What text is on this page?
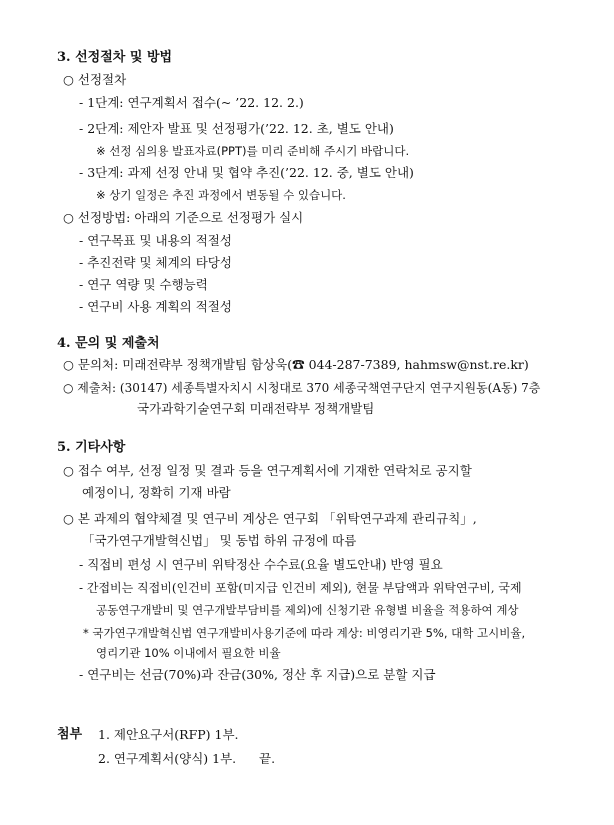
3. 선정절차 및 방법
○ 선정절차
- 1단계: 연구계획서 접수(~ ’22. 12. 2.)
- 2단계: 제안자 발표 및 선정평가(’22. 12. 초, 별도 안내)
※ 선정 심의용 발표자료(PPT)를 미리 준비해 주시기 바랍니다.
- 3단계: 과제 선정 안내 및 협약 추진(’22. 12. 중, 별도 안내)
※ 상기 일정은 추진 과정에서 변동될 수 있습니다.
○ 선정방법: 아래의 기준으로 선정평가 실시
- 연구목표 및 내용의 적절성
- 추진전략 및 체계의 타당성
- 연구 역량 및 수행능력
- 연구비 사용 계획의 적절성
4. 문의 및 제출처
○ 문의처: 미래전략부 정책개발팀 함상욱(☎ 044-287-7389, hahmsw@nst.re.kr)
○ 제출처: (30147) 세종특별자치시 시청대로 370 세종국책연구단지 연구지원동(A동) 7층
국가과학기술연구회 미래전략부 정책개발팀
5. 기타사항
○ 접수 여부, 선정 일정 및 결과 등을 연구계획서에 기재한 연락처로 공지할
예정이니, 정확히 기재 바람
○ 본 과제의 협약체결 및 연구비 계상은 연구회 「위탁연구과제 관리규칙」,
「국가연구개발혁신법」 및 동법 하위 규정에 따름
- 직접비 편성 시 연구비 위탁정산 수수료(요율 별도안내) 반영 필요
- 간접비는 직접비(인건비 포함(미지급 인건비 제외), 현물 부담액과 위탁연구비, 국제
공동연구개발비 및 연구개발부담비를 제외)에 신청기관 유형별 비율을 적용하여 계상
* 국가연구개발혁신법 연구개발비사용기준에 따라 계상: 비영리기관 5%, 대학 고시비율,
영리기관 10% 이내에서 필요한 비율
- 연구비는 선금(70%)과 잔금(30%, 정산 후 지급)으로 분할 지급
첨부 1. 제안요구서(RFP) 1부.
2. 연구계획서(양식) 1부. 끝.
